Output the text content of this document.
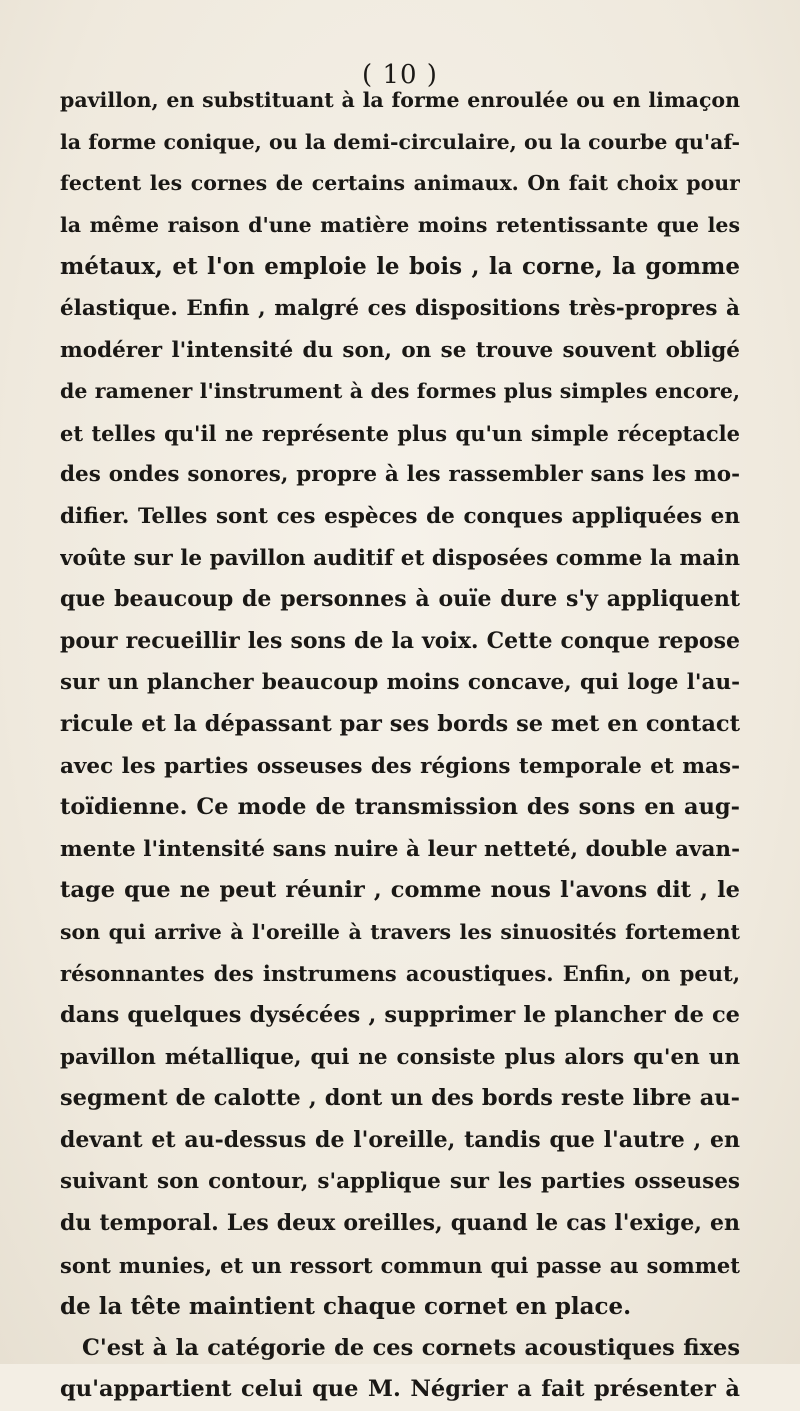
( 10 )
pavillon, en substituant à la forme enroulée ou en limaçon
la forme conique, ou la demi-circulaire, ou la courbe qu'af-
fectent les cornes de certains animaux. On fait choix pour
la même raison d'une matière moins retentissante que les
métaux, et l'on emploie le bois , la corne, la gomme
élastique. Enfin , malgré ces dispositions très-propres à
modérer l'intensité du son, on se trouve souvent obligé
de ramener l'instrument à des formes plus simples encore,
et telles qu'il ne représente plus qu'un simple réceptacle
des ondes sonores, propre à les rassembler sans les mo-
difier. Telles sont ces espèces de conques appliquées en
voûte sur le pavillon auditif et disposées comme la main
que beaucoup de personnes à ouïe dure s'y appliquent
pour recueillir les sons de la voix. Cette conque repose
sur un plancher beaucoup moins concave, qui loge l'au-
ricule et la dépassant par ses bords se met en contact
avec les parties osseuses des régions temporale et mas-
toïdienne. Ce mode de transmission des sons en aug-
mente l'intensité sans nuire à leur netteté, double avan-
tage que ne peut réunir , comme nous l'avons dit , le
son qui arrive à l'oreille à travers les sinuosités fortement
résonnantes des instrumens acoustiques. Enfin, on peut,
dans quelques dysécées , supprimer le plancher de ce
pavillon métallique, qui ne consiste plus alors qu'en un
segment de calotte , dont un des bords reste libre au-
devant et au-dessus de l'oreille, tandis que l'autre , en
suivant son contour, s'applique sur les parties osseuses
du temporal. Les deux oreilles, quand le cas l'exige, en
sont munies, et un ressort commun qui passe au sommet
de la tête maintient chaque cornet en place.
C'est à la catégorie de ces cornets acoustiques fixes
qu'appartient celui que M. Négrier a fait présenter à
